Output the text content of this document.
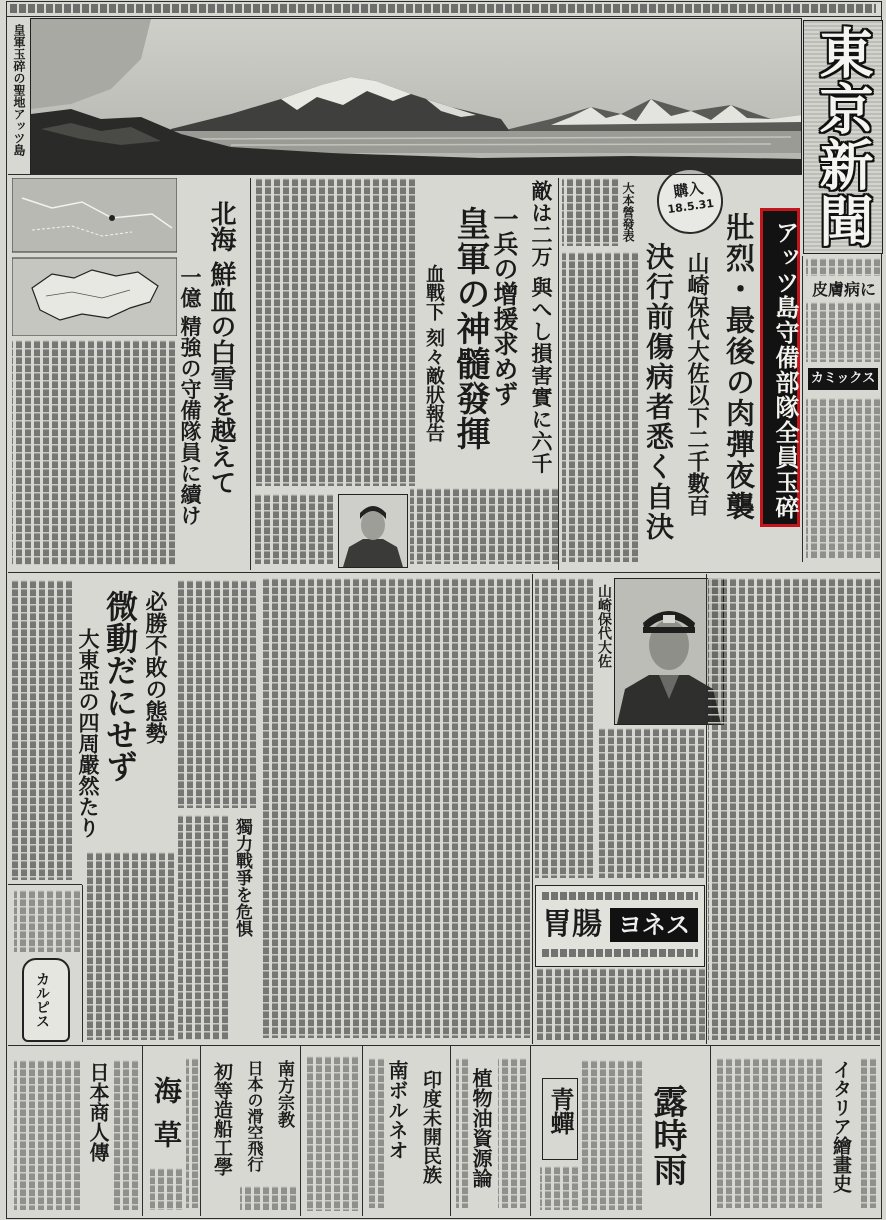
皇軍玉碎の聖地アッツ島	東京新聞
購入
18.5.31
アッツ島守備部隊全員玉碎
壯烈・最後の肉彈夜襲
山崎保代大佐以下二千數百
決行前傷病者悉く自決
大本營發表
敵は二万 與へし損害實に六千
一兵の增援求めず
皇軍の神髓發揮
血戰下 刻々敵狀報告
北海 鮮血の白雪を越えて
一億 精強の守備隊員に續け	皮膚病に
カミックス
必勝不敗の態勢
微動だにせず
大東亞の四周嚴然たり
獨力戰爭を危惧
カルピス
山崎保代大佐
胃腸 ヨネス
日本商人傳 海草 初等造船工學 日本の滑空飛行 南方宗教	南ボルネオ 印度未開民族 植物油資源論 青蟬 露時雨	イタリア繪畫史
